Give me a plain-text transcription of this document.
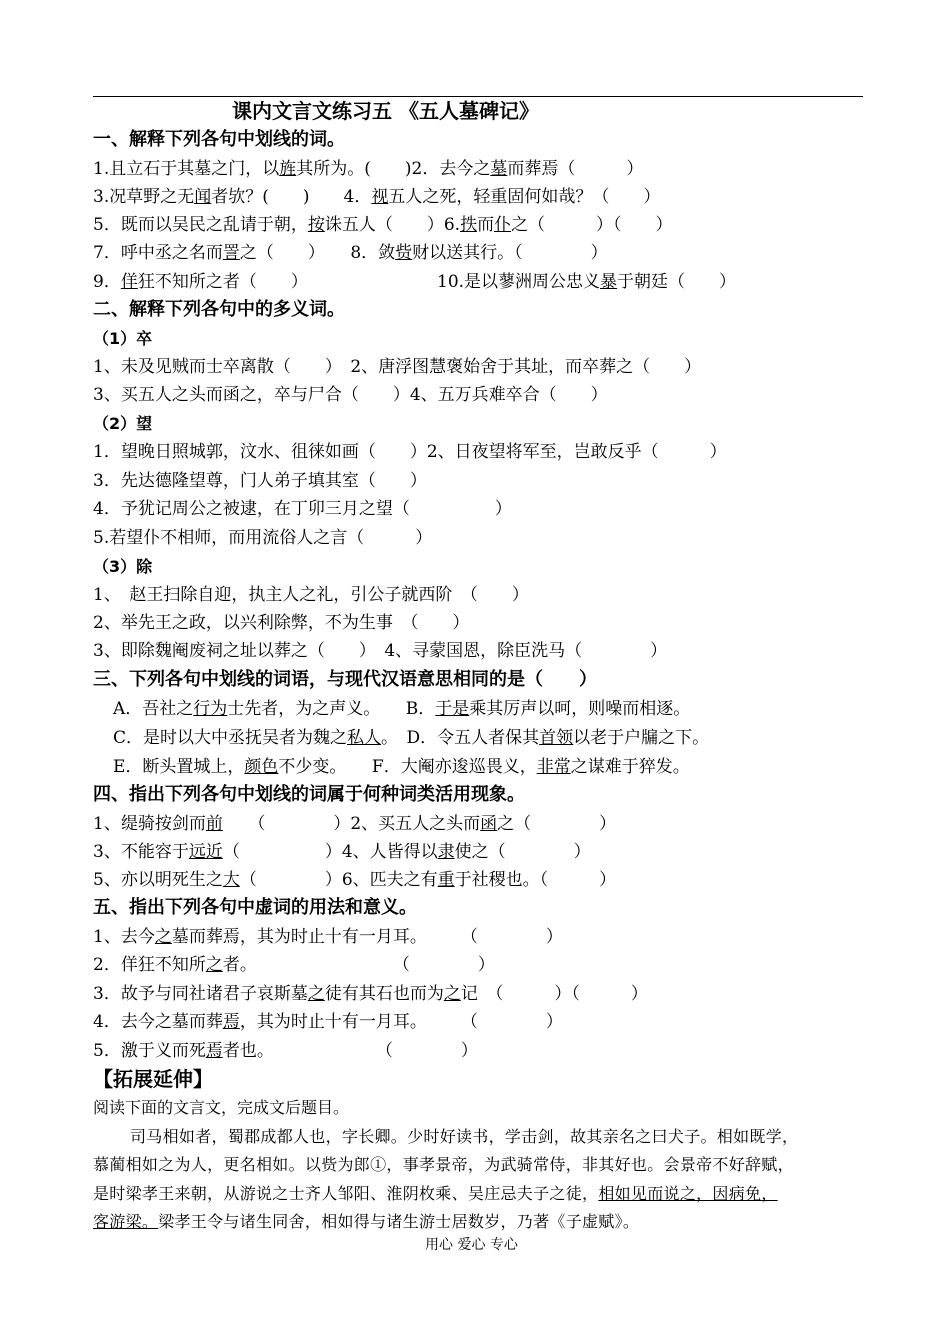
课内文言文练习五 《五人墓碑记》
一、解释下列各句中划线的词。
1.且立石于其墓之门，以旌其所为。(　　)2．去今之墓而葬焉（　　　）
3.况草野之无闻者欤？(　　)　　4．视五人之死，轻重固何如哉？（　　）
5．既而以吴民之乱请于朝，按诛五人（　　）6.抶而仆之（　　　）（　　）
7．呼中丞之名而詈之（　　）　　8．敛赀财以送其行。（　　　　）
9．佯狂不知所之者（　　）	10.是以蓼洲周公忠义暴于朝廷（　　）
二、解释下列各句中的多义词。
（1）卒
1、未及见贼而士卒离散（　　）　2、唐浮图慧褒始舍于其址，而卒葬之（　　）
3、买五人之头而函之，卒与尸合（　　）4、五万兵难卒合（　　）
（2）望
1．望晚日照城郭，汶水、徂徕如画（　　）2、日夜望将军至，岂敢反乎（　　　）
3．先达德隆望尊，门人弟子填其室（　　）
4．予犹记周公之被逮，在丁卯三月之望（　　　　　）
5.若望仆不相师，而用流俗人之言（　　　）
（3）除
1、　赵王扫除自迎，执主人之礼，引公子就西阶　（　　）
2、举先王之政，以兴利除弊，不为生事　（　　）
3、即除魏阉废祠之址以葬之（　　）　4、寻蒙国恩，除臣洗马（　　　　）
三、下列各句中划线的词语，与现代汉语意思相同的是（　　）
A．吾社之行为士先者，为之声义。　　B．于是乘其厉声以呵，则噪而相逐。
C．是时以大中丞抚吴者为魏之私人。　D．令五人者保其首领以老于户牖之下。
E．断头置城上，颜色不少变。　　F．大阉亦逡巡畏义，非常之谋难于猝发。
四、指出下列各句中划线的词属于何种词类活用现象。
1、缇骑按剑而前　　（　　　　）2、买五人之头而函之（　　　　）
3、不能容于远近（　　　　　）4、人皆得以隶使之（　　　　）
5、亦以明死生之大（　　　　）6、匹夫之有重于社稷也。（　　　）
五、指出下列各句中虚词的用法和意义。
1、去今之墓而葬焉，其为时止十有一月耳。　　　（　　　　）
2．佯狂不知所之者。　　　　　　　　　（　　　　）
3．故予与同社诸君子哀斯墓之徒有其石也而为之记　（　　　）（　　　）
4．去今之墓而葬焉，其为时止十有一月耳。　　　（　　　　）
5．激于义而死焉者也。　　　　　　　（　　　　）
【拓展延伸】
阅读下面的文言文，完成文后题目。
司马相如者，蜀郡成都人也，字长卿。少时好读书，学击剑，故其亲名之曰犬子。相如既学，
慕蔺相如之为人，更名相如。以赀为郎①，事孝景帝，为武骑常侍，非其好也。会景帝不好辞赋，
是时梁孝王来朝，从游说之士齐人邹阳、淮阴枚乘、吴庄忌夫子之徒，相如见而说之，因病免，
客游梁。梁孝王令与诸生同舍，相如得与诸生游士居数岁，乃著《子虚赋》。
用心 爱心 专心
